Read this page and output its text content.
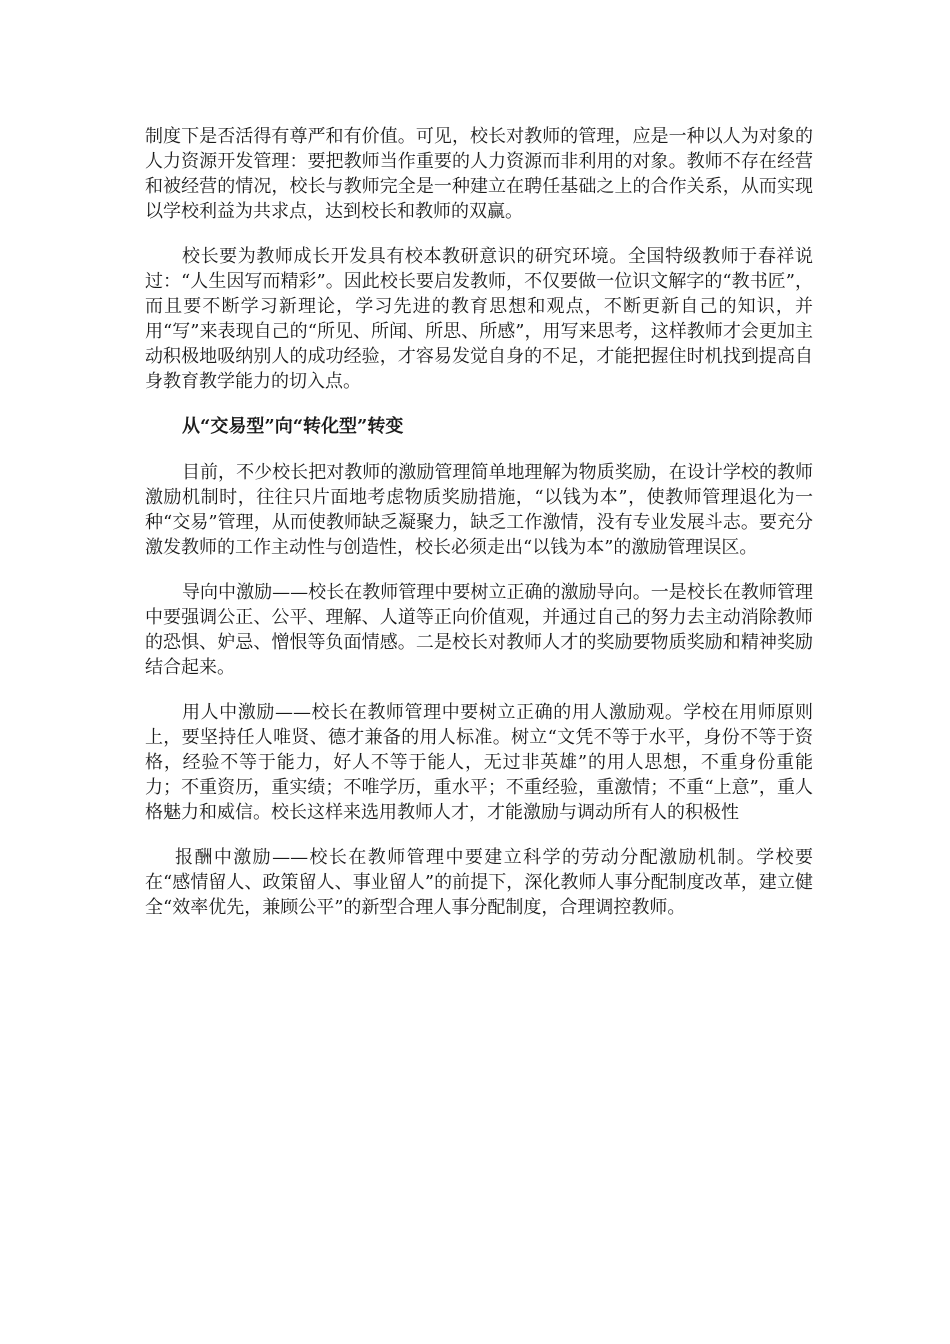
制度下是否活得有尊严和有价值。可见，校长对教师的管理，应是一种以人为对象的人力资源开发管理：要把教师当作重要的人力资源而非利用的对象。教师不存在经营和被经营的情况，校长与教师完全是一种建立在聘任基础之上的合作关系，从而实现以学校利益为共求点，达到校长和教师的双赢。

校长要为教师成长开发具有校本教研意识的研究环境。全国特级教师于春祥说过：“人生因写而精彩”。因此校长要启发教师，不仅要做一位识文解字的“教书匠”，而且要不断学习新理论，学习先进的教育思想和观点，不断更新自己的知识，并用“写”来表现自己的“所见、所闻、所思、所感”，用写来思考，这样教师才会更加主动积极地吸纳别人的成功经验，才容易发觉自身的不足，才能把握住时机找到提高自身教育教学能力的切入点。

从“交易型”向“转化型”转变

目前，不少校长把对教师的激励管理简单地理解为物质奖励，在设计学校的教师激励机制时，往往只片面地考虑物质奖励措施，“以钱为本”，使教师管理退化为一种“交易”管理，从而使教师缺乏凝聚力，缺乏工作激情，没有专业发展斗志。要充分激发教师的工作主动性与创造性，校长必须走出“以钱为本”的激励管理误区。

导向中激励——校长在教师管理中要树立正确的激励导向。一是校长在教师管理中要强调公正、公平、理解、人道等正向价值观，并通过自己的努力去主动消除教师的恐惧、妒忌、憎恨等负面情感。二是校长对教师人才的奖励要物质奖励和精神奖励结合起来。

用人中激励——校长在教师管理中要树立正确的用人激励观。学校在用师原则上，要坚持任人唯贤、德才兼备的用人标准。树立“文凭不等于水平，身份不等于资格，经验不等于能力，好人不等于能人，无过非英雄”的用人思想，不重身份重能力；不重资历，重实绩；不唯学历，重水平；不重经验，重激情；不重“上意”，重人格魅力和威信。校长这样来选用教师人才，才能激励与调动所有人的积极性

报酬中激励——校长在教师管理中要建立科学的劳动分配激励机制。学校要在“感情留人、政策留人、事业留人”的前提下，深化教师人事分配制度改革，建立健全“效率优先，兼顾公平”的新型合理人事分配制度，合理调控教师。
